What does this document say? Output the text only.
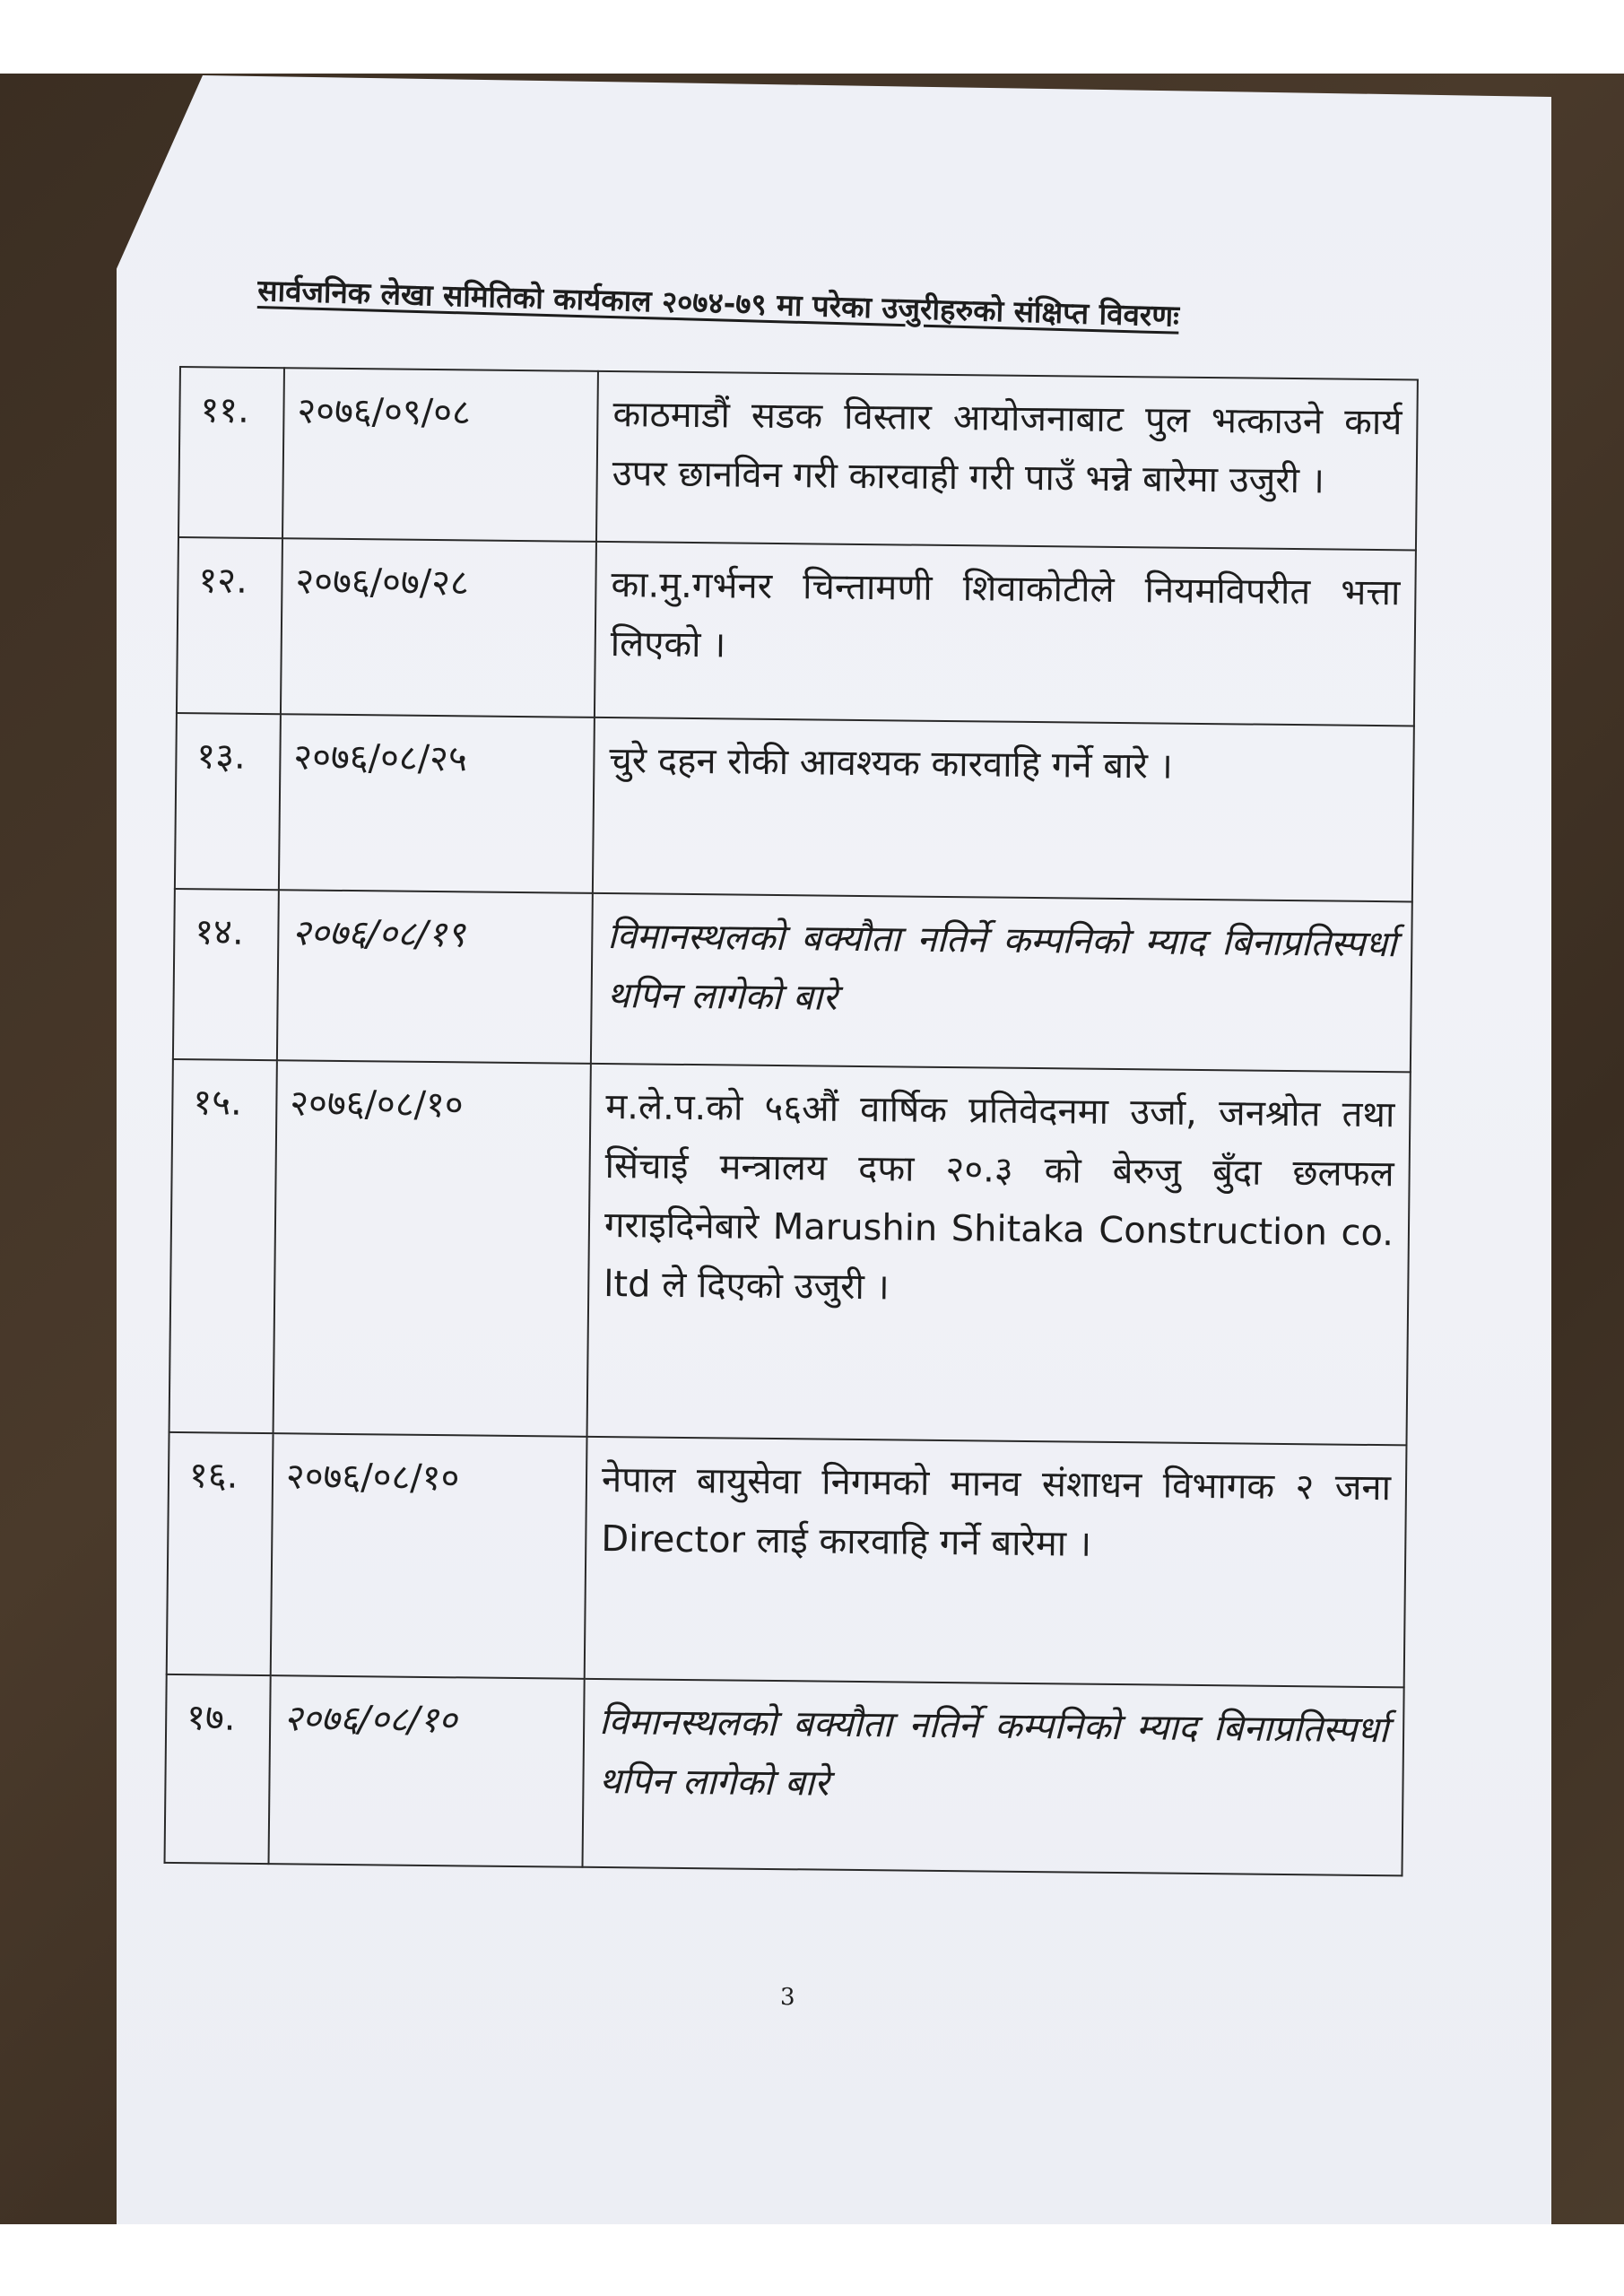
सार्वजनिक लेखा समितिको कार्यकाल २०७४-७९ मा परेका उजुरीहरुको संक्षिप्त विवरणः
११.	२०७६/०९/०८	काठमाडौं सडक विस्तार आयोजनाबाट पुल भत्काउने कार्य उपर छानविन गरी कारवाही गरी पाउँ भन्ने बारेमा उजुरी ।
१२.	२०७६/०७/२८	का.मु.गर्भनर चिन्तामणी शिवाकोटीले नियमविपरीत भत्ता लिएको ।
१३.	२०७६/०८/२५	चुरे दहन रोकी आवश्यक कारवाहि गर्ने बारे ।
१४.	२०७६/०८/१९	विमानस्थलको बक्यौता नतिर्ने कम्पनिको म्याद बिनाप्रतिस्पर्धा थपिन लागेको बारे
१५.	२०७६/०८/१०	म.ले.प.को ५६औं वार्षिक प्रतिवेदनमा उर्जा, जनश्रोत तथा सिंचाई मन्त्रालय दफा २०.३ को बेरुजु बुँदा छलफल गराइदिनेबारे Marushin Shitaka Construction co. ltd ले दिएको उजुरी ।
१६.	२०७६/०८/१०	नेपाल बायुसेवा निगमको मानव संशाधन विभागक २ जना Director लाई कारवाहि गर्ने बारेमा ।
१७.	२०७६/०८/१०	विमानस्थलको बक्यौता नतिर्ने कम्पनिको म्याद बिनाप्रतिस्पर्धा थपिन लागेको बारे
3
